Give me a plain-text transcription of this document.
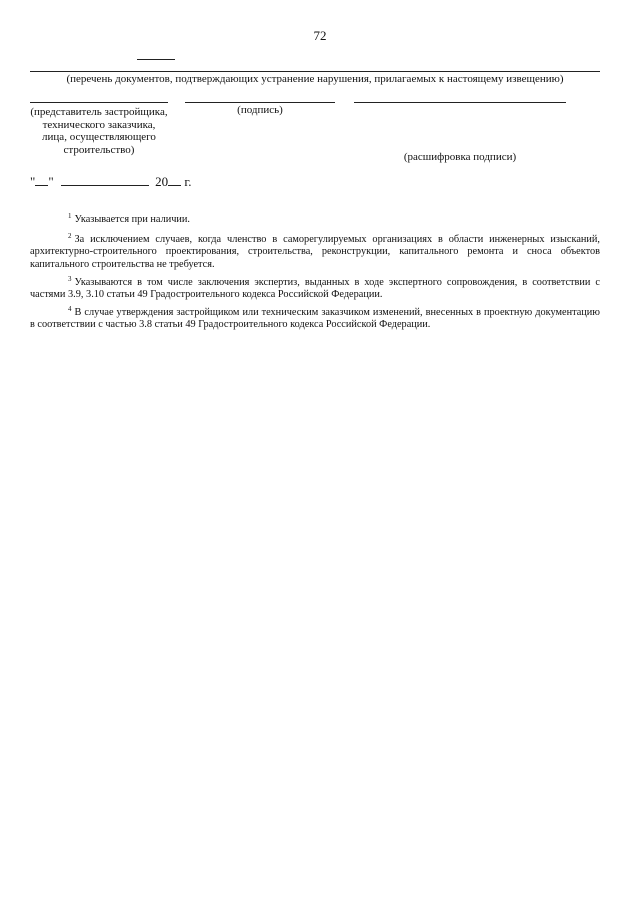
72
(перечень документов, подтверждающих устранение нарушения, прилагаемых к настоящему извещению)
(представитель застройщика, технического заказчика, лица, осуществляющего строительство)
(подпись)
(расшифровка подписи)
" "	20 г.
$^1$ Указывается при наличии.
$^2$ За исключением случаев, когда членство в саморегулируемых организациях в области инженерных изысканий, архитектурно-строительного проектирования, строительства, реконструкции, капитального ремонта и сноса объектов капитального строительства не требуется.
$^3$ Указываются в том числе заключения экспертиз, выданных в ходе экспертного сопровождения, в соответствии с частями 3.9, 3.10 статьи 49 Градостроительного кодекса Российской Федерации.
$^4$ В случае утверждения застройщиком или техническим заказчиком изменений, внесенных в проектную документацию в соответствии с частью 3.8 статьи 49 Градостроительного кодекса Российской Федерации.
